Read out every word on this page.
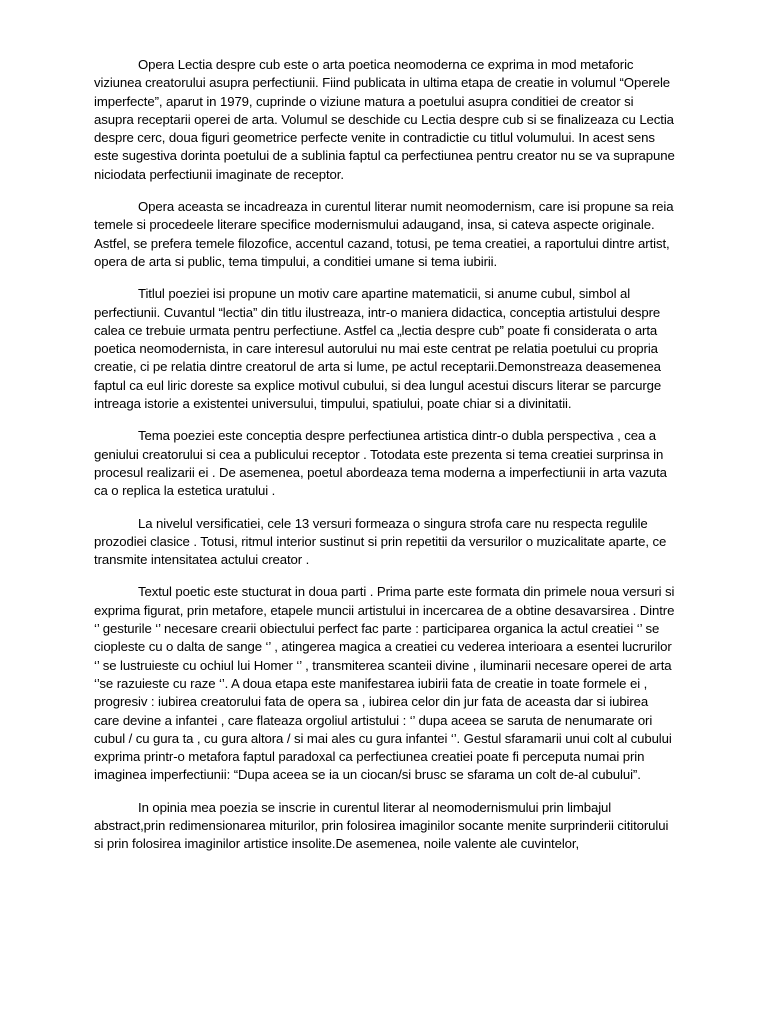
Opera Lectia despre cub este o arta poetica neomoderna ce exprima in mod metaforic viziunea creatorului asupra perfectiunii. Fiind publicata in ultima etapa de creatie in volumul “Operele imperfecte”, aparut in 1979, cuprinde o viziune matura a poetului asupra conditiei de creator si asupra receptarii operei de arta. Volumul se deschide cu Lectia despre cub si se finalizeaza cu Lectia despre cerc, doua figuri geometrice perfecte venite in contradictie cu titlul volumului. In acest sens este sugestiva dorinta poetului de a sublinia faptul ca perfectiunea pentru creator nu se va suprapune niciodata perfectiunii imaginate de receptor.

Opera aceasta se incadreaza in curentul literar numit neomodernism, care isi propune sa reia temele si procedeele literare specifice modernismului adaugand, insa, si cateva aspecte originale. Astfel, se prefera temele filozofice, accentul cazand, totusi, pe tema creatiei, a raportului dintre artist, opera de arta si public, tema timpului, a conditiei umane si tema iubirii.

Titlul poeziei isi propune un motiv care apartine matematicii, si anume cubul, simbol al perfectiunii. Cuvantul “lectia” din titlu ilustreaza, intr-o maniera didactica, conceptia artistului despre calea ce trebuie urmata pentru perfectiune. Astfel ca „lectia despre cub” poate fi considerata o arta poetica neomodernista, in care interesul autorului nu mai este centrat pe relatia poetului cu propria creatie, ci pe relatia dintre creatorul de arta si lume, pe actul receptarii.Demonstreaza deasemenea faptul ca eul liric doreste sa explice motivul cubului, si dea lungul acestui discurs literar se parcurge intreaga istorie a existentei universului, timpului, spatiului, poate chiar si a divinitatii.

Tema poeziei este conceptia despre perfectiunea artistica dintr-o dubla perspectiva , cea a geniului creatorului si cea a publicului receptor . Totodata este prezenta si tema creatiei surprinsa in procesul realizarii ei . De asemenea, poetul abordeaza tema moderna a imperfectiunii in arta vazuta ca o replica la estetica uratului .

La nivelul versificatiei, cele 13 versuri formeaza o singura strofa care nu respecta regulile prozodiei clasice . Totusi, ritmul interior sustinut si prin repetitii da versurilor o muzicalitate aparte, ce transmite intensitatea actului creator .

Textul poetic este stucturat in doua parti . Prima parte este formata din primele noua versuri si exprima figurat, prin metafore, etapele muncii artistului in incercarea de a obtine desavarsirea . Dintre ‘’ gesturile ‘’ necesare crearii obiectului perfect fac parte : participarea organica la actul creatiei ‘’ se ciopleste cu o dalta de sange ‘’ , atingerea magica a creatiei cu vederea interioara a esentei lucrurilor ‘’ se lustruieste cu ochiul lui Homer ‘’ , transmiterea scanteii divine , iluminarii necesare operei de arta ‘’se razuieste cu raze ‘’. A doua etapa este manifestarea iubirii fata de creatie in toate formele ei , progresiv : iubirea creatorului fata de opera sa , iubirea celor din jur fata de aceasta dar si iubirea care devine a infantei , care flateaza orgoliul artistului : ‘’ dupa aceea se saruta de nenumarate ori cubul / cu gura ta , cu gura altora / si mai ales cu gura infantei ‘’. Gestul sfaramarii unui colt al cubului exprima printr-o metafora faptul paradoxal ca perfectiunea creatiei poate fi perceputa numai prin imaginea imperfectiunii: “Dupa aceea se ia un ciocan/si brusc se sfarama un colt de-al cubului”.

In opinia mea poezia se inscrie in curentul literar al neomodernismului prin limbajul abstract,prin redimensionarea miturilor, prin folosirea imaginilor socante menite surprinderii cititorului si prin folosirea imaginilor artistice insolite.De asemenea, noile valente ale cuvintelor,
